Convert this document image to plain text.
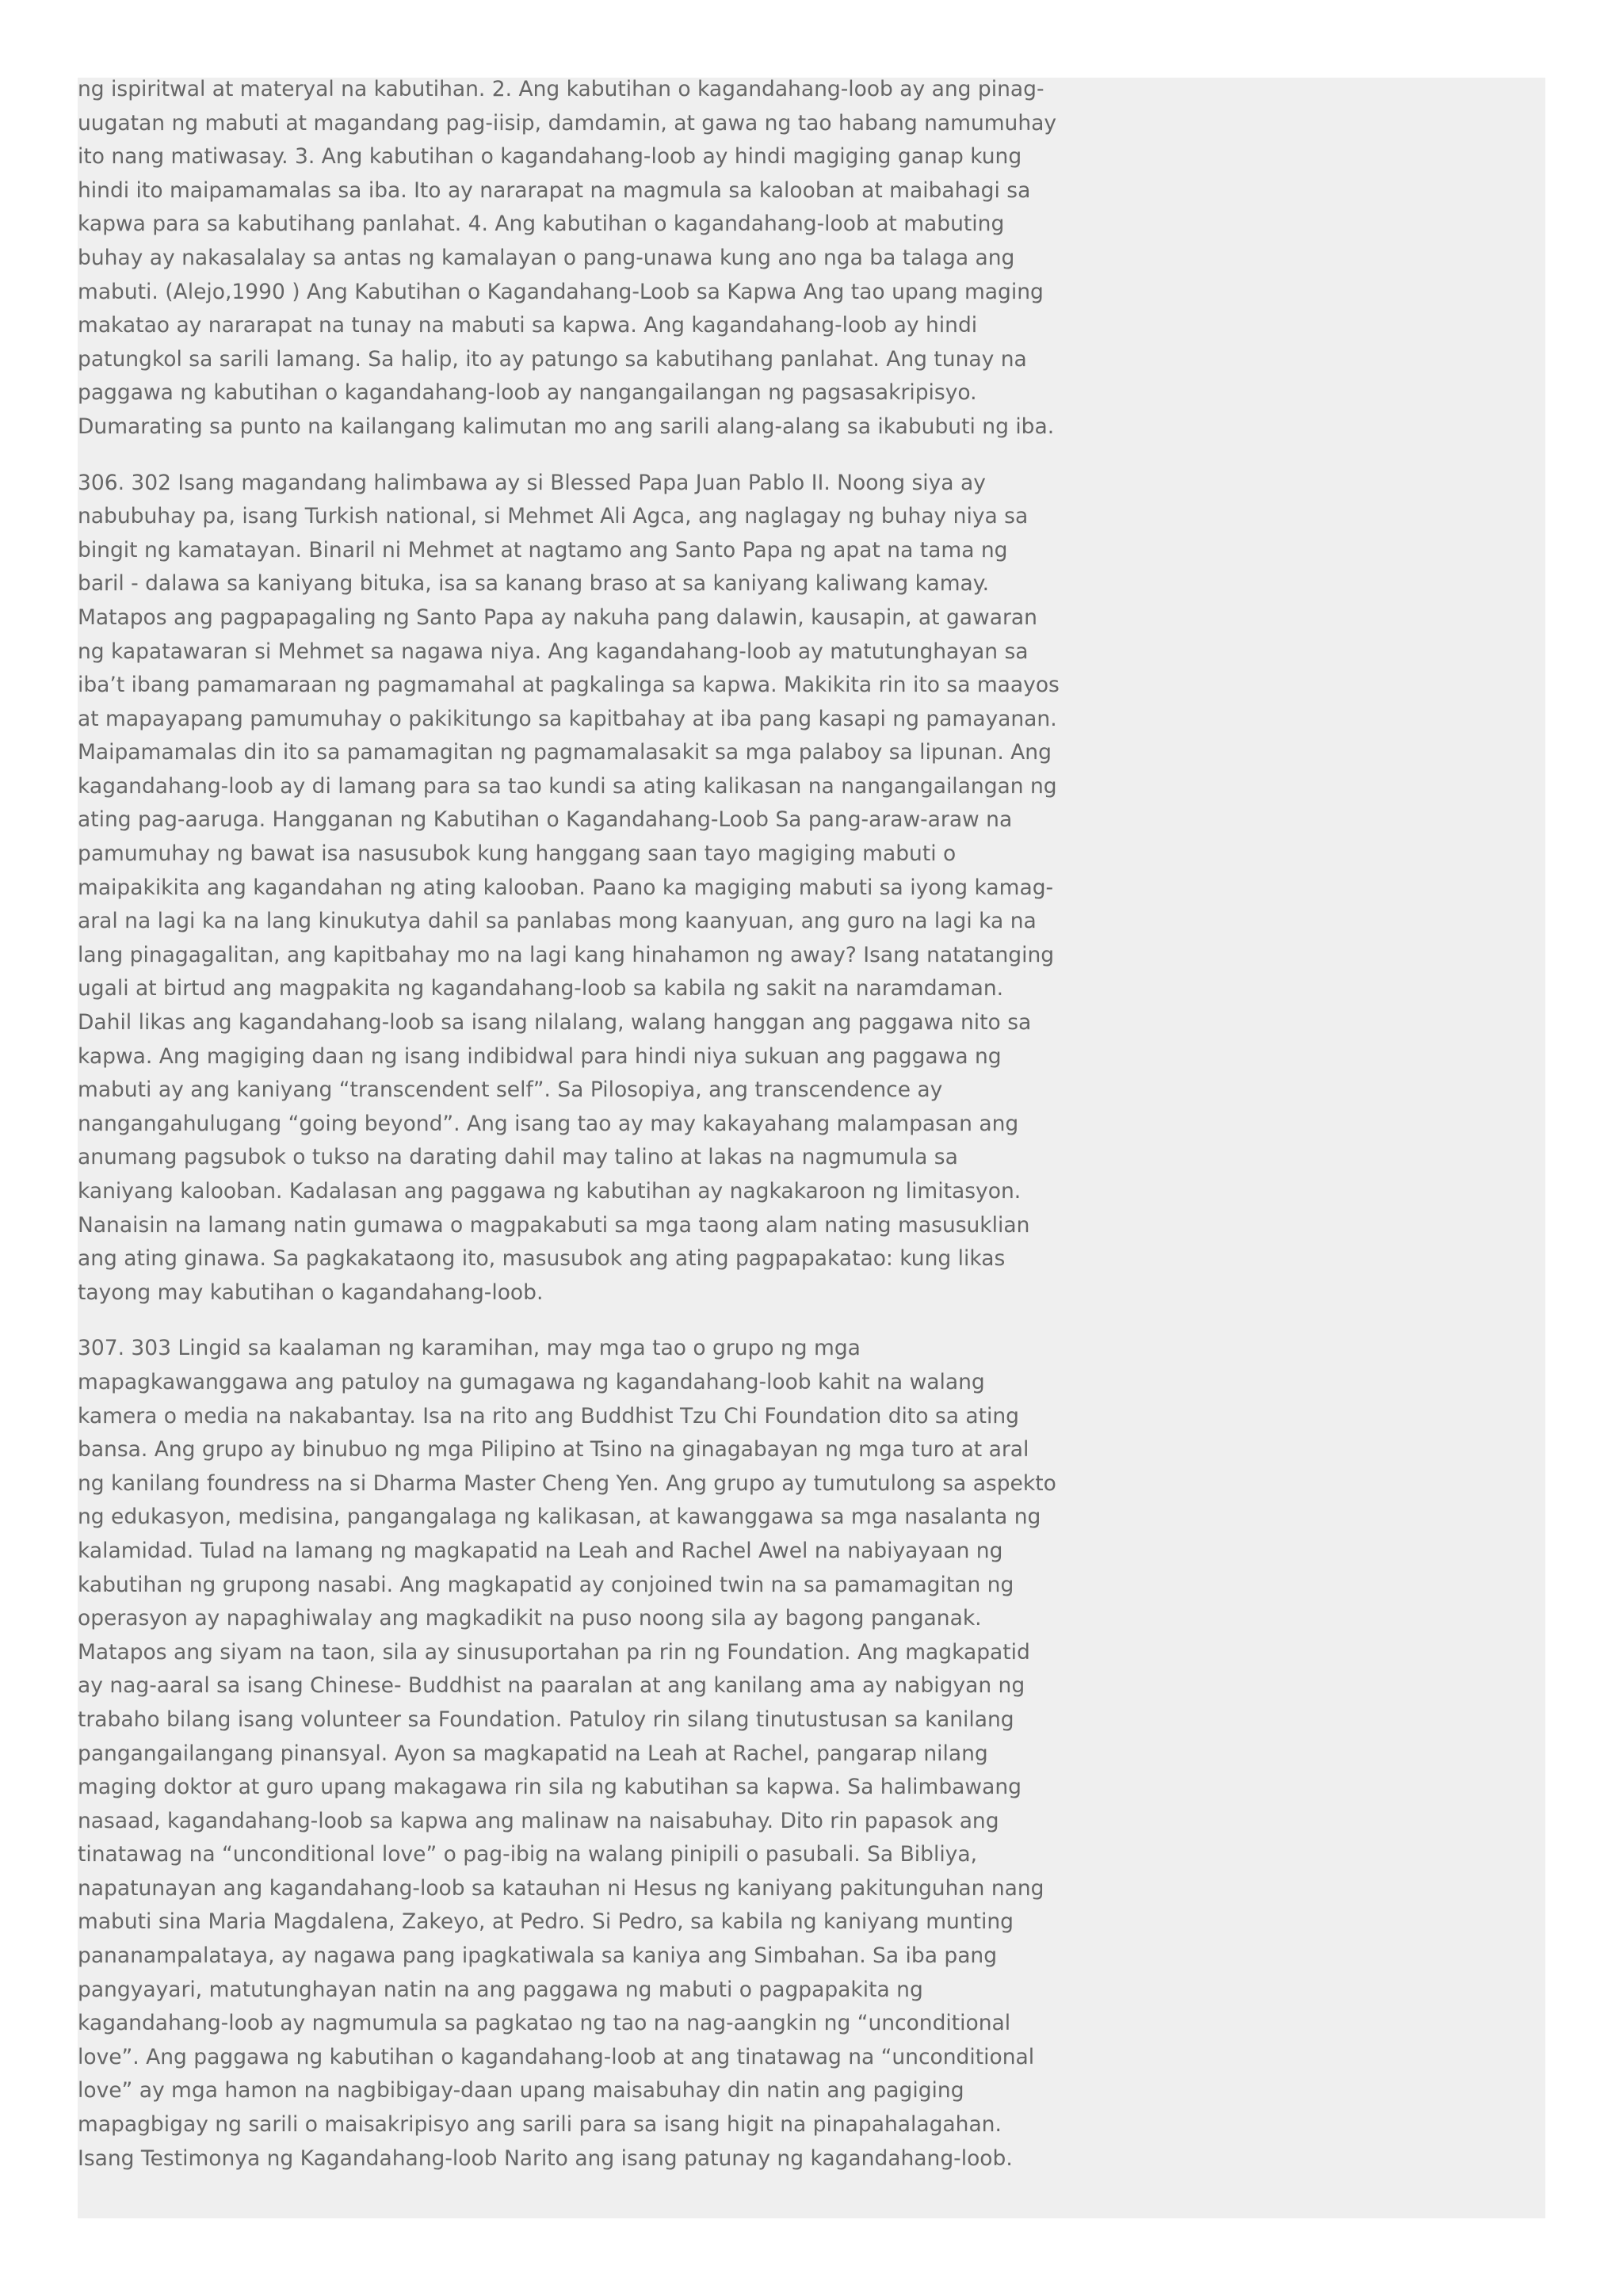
ng ispiritwal at materyal na kabutihan. 2. Ang kabutihan o kagandahang-loob ay ang pinag-uugatan ng mabuti at magandang pag-iisip, damdamin, at gawa ng tao habang namumuhay ito nang matiwasay. 3. Ang kabutihan o kagandahang-loob ay hindi magiging ganap kung hindi ito maipamamalas sa iba. Ito ay nararapat na magmula sa kalooban at maibahagi sa kapwa para sa kabutihang panlahat. 4. Ang kabutihan o kagandahang-loob at mabuting buhay ay nakasalalay sa antas ng kamalayan o pang-unawa kung ano nga ba talaga ang mabuti. (Alejo,1990 ) Ang Kabutihan o Kagandahang-Loob sa Kapwa Ang tao upang maging makatao ay nararapat na tunay na mabuti sa kapwa. Ang kagandahang-loob ay hindi patungkol sa sarili lamang. Sa halip, ito ay patungo sa kabutihang panlahat. Ang tunay na paggawa ng kabutihan o kagandahang-loob ay nangangailangan ng pagsasakripisyo. Dumarating sa punto na kailangang kalimutan mo ang sarili alang-alang sa ikabubuti ng iba.

306. 302 Isang magandang halimbawa ay si Blessed Papa Juan Pablo II. Noong siya ay nabubuhay pa, isang Turkish national, si Mehmet Ali Agca, ang naglagay ng buhay niya sa bingit ng kamatayan. Binaril ni Mehmet at nagtamo ang Santo Papa ng apat na tama ng baril - dalawa sa kaniyang bituka, isa sa kanang braso at sa kaniyang kaliwang kamay. Matapos ang pagpapagaling ng Santo Papa ay nakuha pang dalawin, kausapin, at gawaran ng kapatawaran si Mehmet sa nagawa niya. Ang kagandahang-loob ay matutunghayan sa iba’t ibang pamamaraan ng pagmamahal at pagkalinga sa kapwa. Makikita rin ito sa maayos at mapayapang pamumuhay o pakikitungo sa kapitbahay at iba pang kasapi ng pamayanan. Maipamamalas din ito sa pamamagitan ng pagmamalasakit sa mga palaboy sa lipunan. Ang kagandahang-loob ay di lamang para sa tao kundi sa ating kalikasan na nangangailangan ng ating pag-aaruga. Hangganan ng Kabutihan o Kagandahang-Loob Sa pang-araw-araw na pamumuhay ng bawat isa nasusubok kung hanggang saan tayo magiging mabuti o maipakikita ang kagandahan ng ating kalooban. Paano ka magiging mabuti sa iyong kamag-aral na lagi ka na lang kinukutya dahil sa panlabas mong kaanyuan, ang guro na lagi ka na lang pinagagalitan, ang kapitbahay mo na lagi kang hinahamon ng away? Isang natatanging ugali at birtud ang magpakita ng kagandahang-loob sa kabila ng sakit na naramdaman. Dahil likas ang kagandahang-loob sa isang nilalang, walang hanggan ang paggawa nito sa kapwa. Ang magiging daan ng isang indibidwal para hindi niya sukuan ang paggawa ng mabuti ay ang kaniyang “transcendent self”. Sa Pilosopiya, ang transcendence ay nangangahulugang “going beyond”. Ang isang tao ay may kakayahang malampasan ang anumang pagsubok o tukso na darating dahil may talino at lakas na nagmumula sa kaniyang kalooban. Kadalasan ang paggawa ng kabutihan ay nagkakaroon ng limitasyon. Nanaisin na lamang natin gumawa o magpakabuti sa mga taong alam nating masusuklian ang ating ginawa. Sa pagkakataong ito, masusubok ang ating pagpapakatao: kung likas tayong may kabutihan o kagandahang-loob.

307. 303 Lingid sa kaalaman ng karamihan, may mga tao o grupo ng mga mapagkawanggawa ang patuloy na gumagawa ng kagandahang-loob kahit na walang kamera o media na nakabantay. Isa na rito ang Buddhist Tzu Chi Foundation dito sa ating bansa. Ang grupo ay binubuo ng mga Pilipino at Tsino na ginagabayan ng mga turo at aral ng kanilang foundress na si Dharma Master Cheng Yen. Ang grupo ay tumutulong sa aspekto ng edukasyon, medisina, pangangalaga ng kalikasan, at kawanggawa sa mga nasalanta ng kalamidad. Tulad na lamang ng magkapatid na Leah and Rachel Awel na nabiyayaan ng kabutihan ng grupong nasabi. Ang magkapatid ay conjoined twin na sa pamamagitan ng operasyon ay napaghiwalay ang magkadikit na puso noong sila ay bagong panganak. Matapos ang siyam na taon, sila ay sinusuportahan pa rin ng Foundation. Ang magkapatid ay nag-aaral sa isang Chinese- Buddhist na paaralan at ang kanilang ama ay nabigyan ng trabaho bilang isang volunteer sa Foundation. Patuloy rin silang tinutustusan sa kanilang pangangailangang pinansyal. Ayon sa magkapatid na Leah at Rachel, pangarap nilang maging doktor at guro upang makagawa rin sila ng kabutihan sa kapwa. Sa halimbawang nasaad, kagandahang-loob sa kapwa ang malinaw na naisabuhay. Dito rin papasok ang tinatawag na “unconditional love” o pag-ibig na walang pinipili o pasubali. Sa Bibliya, napatunayan ang kagandahang-loob sa katauhan ni Hesus ng kaniyang pakitunguhan nang mabuti sina Maria Magdalena, Zakeyo, at Pedro. Si Pedro, sa kabila ng kaniyang munting pananampalataya, ay nagawa pang ipagkatiwala sa kaniya ang Simbahan. Sa iba pang pangyayari, matutunghayan natin na ang paggawa ng mabuti o pagpapakita ng kagandahang-loob ay nagmumula sa pagkatao ng tao na nag-aangkin ng “unconditional love”. Ang paggawa ng kabutihan o kagandahang-loob at ang tinatawag na “unconditional love” ay mga hamon na nagbibigay-daan upang maisabuhay din natin ang pagiging mapagbigay ng sarili o maisakripisyo ang sarili para sa isang higit na pinapahalagahan. Isang Testimonya ng Kagandahang-loob Narito ang isang patunay ng kagandahang-loob.
